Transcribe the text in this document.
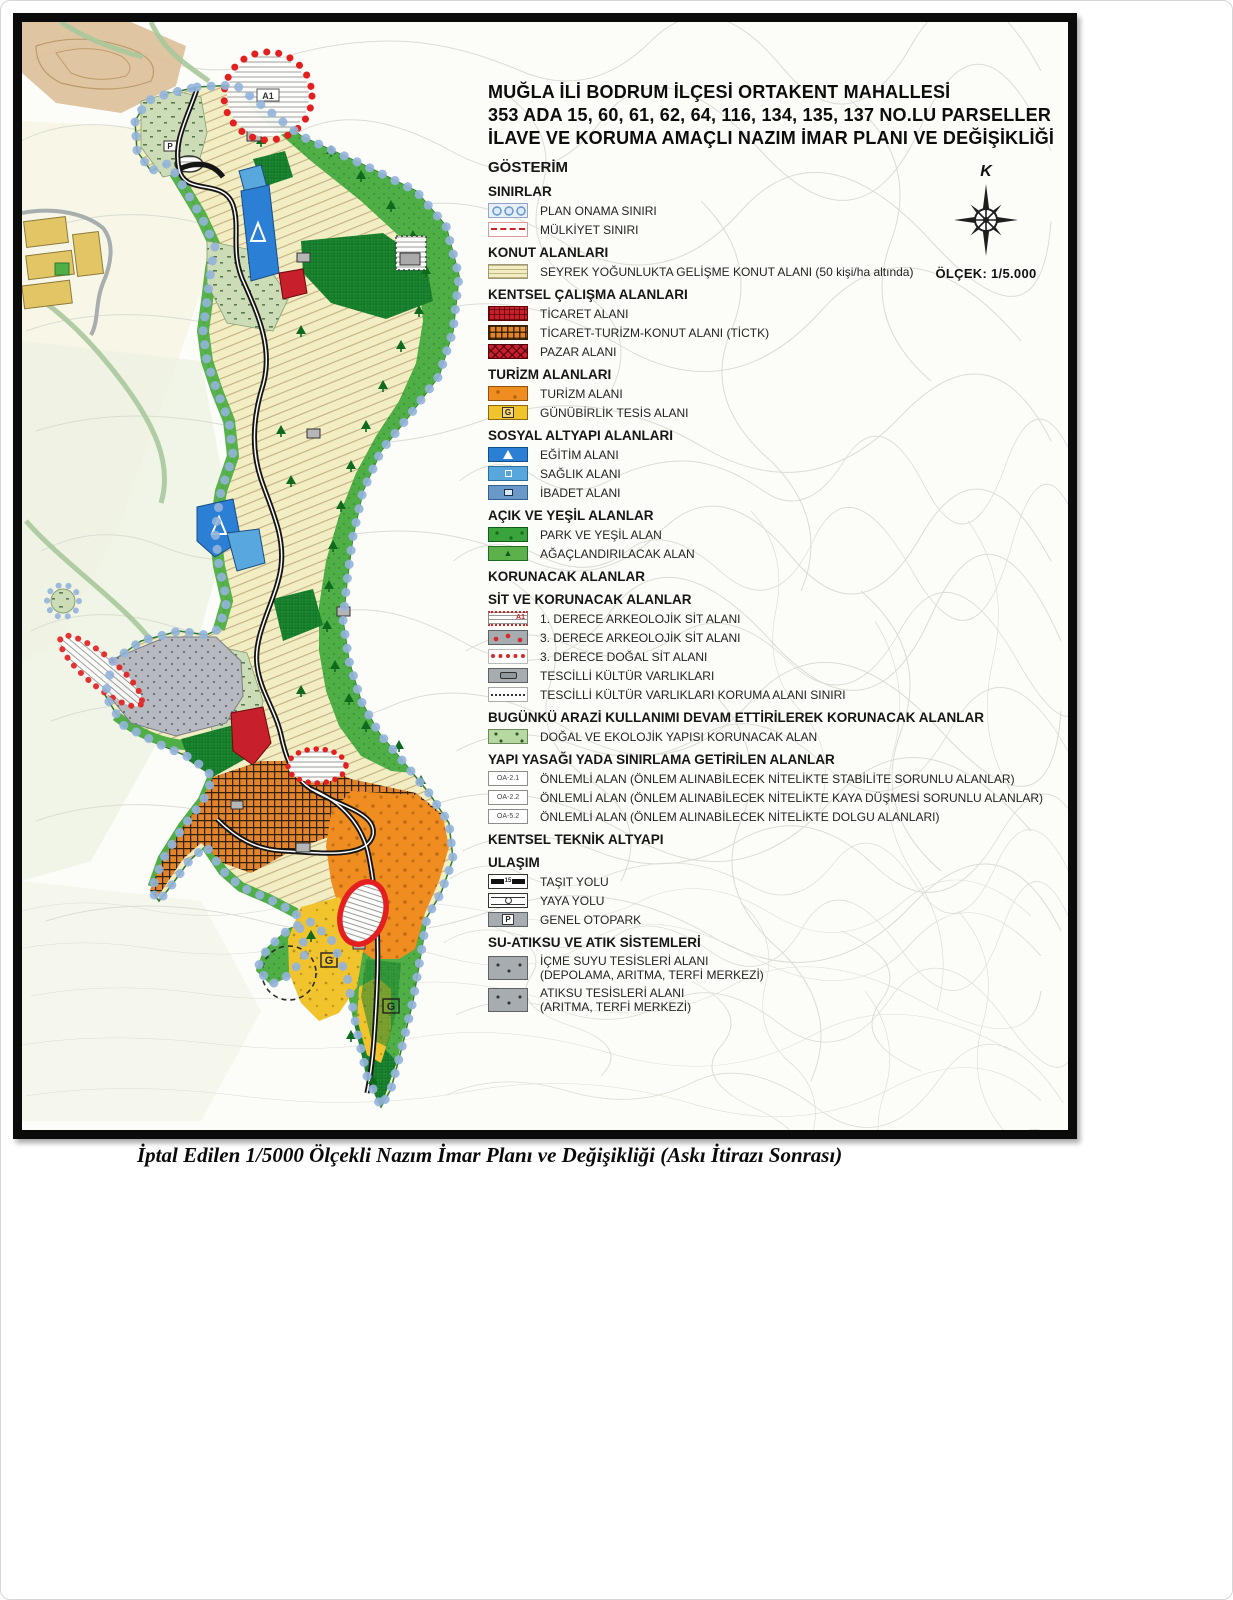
P
G
G
A1	MUĞLA İLİ BODRUM İLÇESİ ORTAKENT MAHALLESİ
353 ADA 15, 60, 61, 62, 64, 116, 134, 135, 137 NO.LU PARSELLER
İLAVE VE KORUMA AMAÇLI NAZIM İMAR PLANI VE DEĞİŞİKLİĞİ
GÖSTERİM
SINIRLAR
PLAN ONAMA SINIRI
MÜLKİYET SINIRI
KONUT ALANLARI
SEYREK YOĞUNLUKTA GELİŞME KONUT ALANI (50 kişi/ha altında)
KENTSEL ÇALIŞMA ALANLARI
TİCARET ALANI
TİCARET-TURİZM-KONUT ALANI (TİCTK)
PAZAR ALANI
TURİZM ALANLARI
TURİZM ALANI
G GÜNÜBİRLİK TESİS ALANI
SOSYAL ALTYAPI ALANLARI
EĞİTİM ALANI
SAĞLIK ALANI
İBADET ALANI
AÇIK VE YEŞİL ALANLAR
PARK VE YEŞİL ALAN
▲
AĞAÇLANDIRILACAK ALAN
KORUNACAK ALANLAR
SİT VE KORUNACAK ALANLAR
A1 1. DERECE ARKEOLOJİK SİT ALANI
3. DERECE ARKEOLOJİK SİT ALANI
3. DERECE DOĞAL SİT ALANI
TESCİLLİ KÜLTÜR VARLIKLARI
TESCİLLİ KÜLTÜR VARLIKLARI KORUMA ALANI SINIRI
BUGÜNKÜ ARAZİ KULLANIMI DEVAM ETTİRİLEREK KORUNACAK ALANLAR
DOĞAL VE EKOLOJİK YAPISI KORUNACAK ALAN
YAPI YASAĞI YADA SINIRLAMA GETİRİLEN ALANLAR
OA-2.1 ÖNLEMLİ ALAN (ÖNLEM ALINABİLECEK NİTELİKTE STABİLİTE SORUNLU ALANLAR)
OA-2.2 ÖNLEMLİ ALAN (ÖNLEM ALINABİLECEK NİTELİKTE KAYA DÜŞMESİ SORUNLU ALANLAR)
OA-5.2 ÖNLEMLİ ALAN (ÖNLEM ALINABİLECEK NİTELİKTE DOLGU ALANLARI)
KENTSEL TEKNİK ALTYAPI
ULAŞIM
15 TAŞIT YOLU
YAYA YOLU
P GENEL OTOPARK
SU-ATIKSU VE ATIK SİSTEMLERİ
İÇME SUYU TESİSLERİ ALANI
(DEPOLAMA, ARITMA, TERFİ MERKEZİ)
ATIKSU TESİSLERİ ALANI
(ARITMA, TERFİ MERKEZİ)
K
ÖLÇEK: 1/5.000
İptal Edilen 1/5000 Ölçekli Nazım İmar Planı ve Değişikliği (Askı İtirazı Sonrası)
